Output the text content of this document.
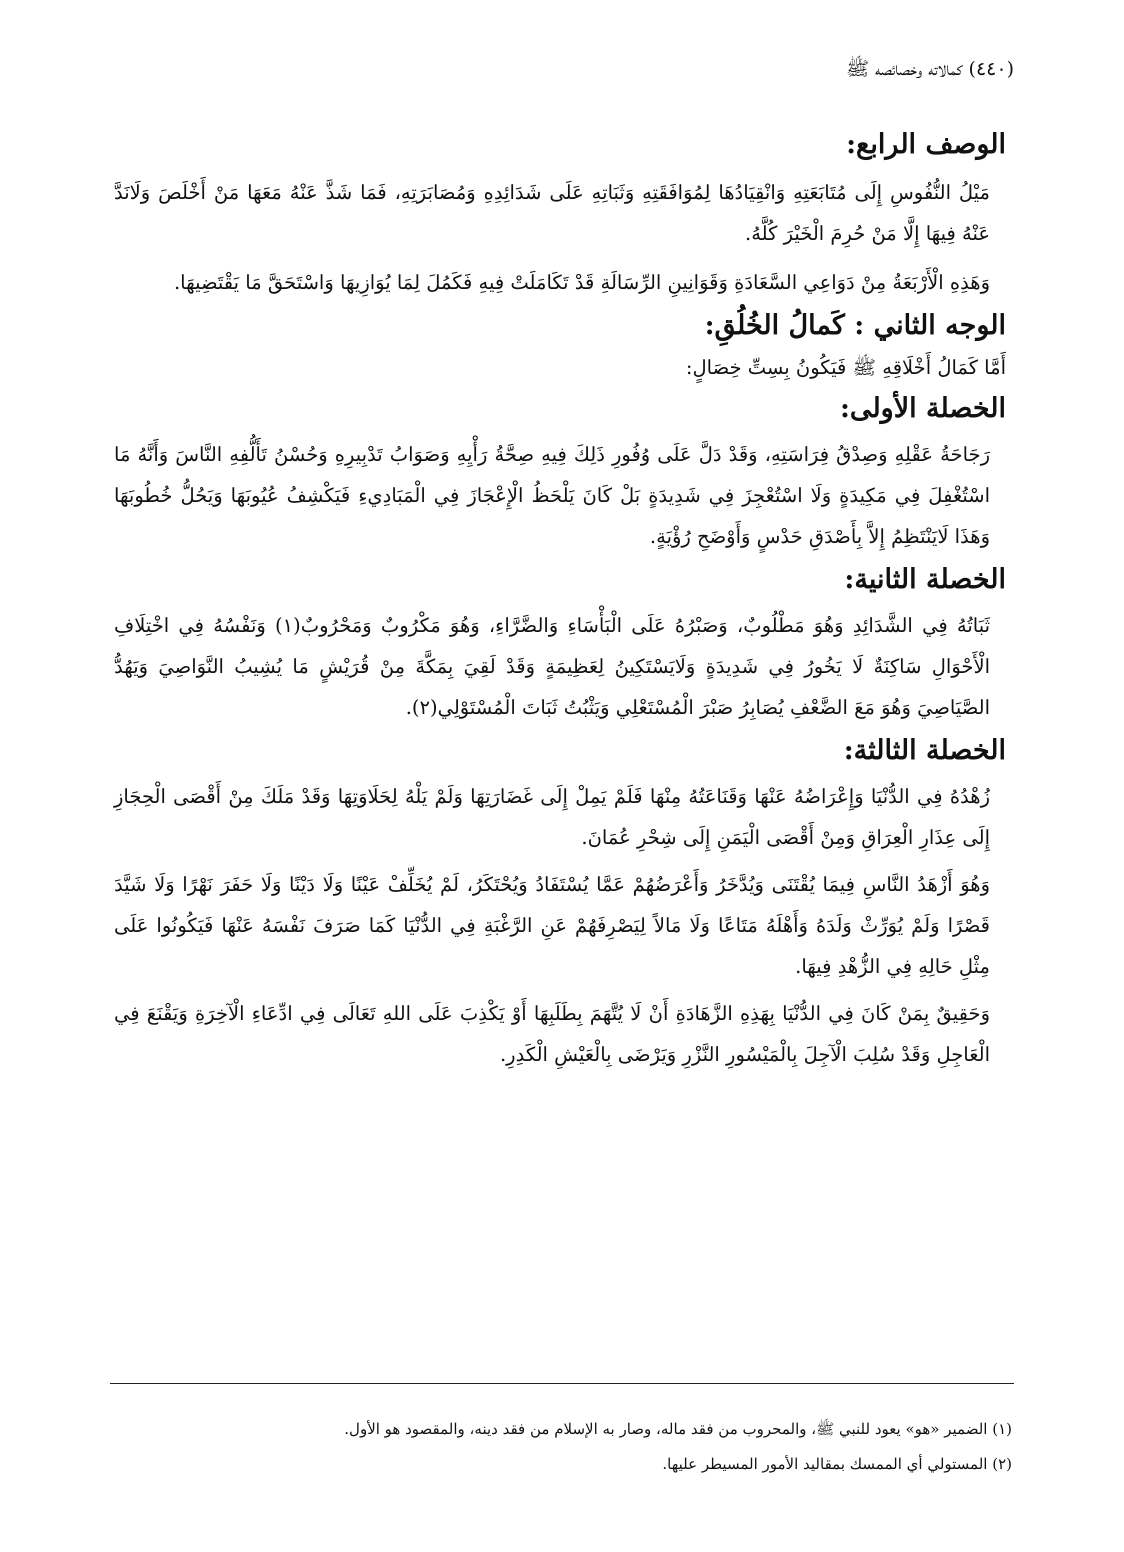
(٤٤٠) كمالاته وخصائصه ﷺ
الوصف الرابع:

مَيْلُ النُّفُوسِ إِلَى مُتَابَعَتِهِ وَانْقِيَادُهَا لِمُوَافَقَتِهِ وَثَبَاتِهِ عَلَى شَدَائِدِهِ وَمُصَابَرَتِهِ، فَمَا شَذَّ عَنْهُ مَعَهَا مَنْ أَخْلَصَ وَلَانَدَّ عَنْهُ فِيهَا إِلَّا مَنْ حُرِمَ الْخَيْرَ كُلَّهُ.

وَهَذِهِ الْأَرْبَعَةُ مِنْ دَوَاعِي السَّعَادَةِ وَقَوَانِينِ الرِّسَالَةِ قَدْ تَكَامَلَتْ فِيهِ فَكَمُلَ لِمَا يُوَازِيهَا وَاسْتَحَقَّ مَا يَقْتَضِيهَا.

الوجه الثاني : كَمالُ الخُلُقِ:

أَمَّا كَمَالُ أَخْلَاقِهِ ﷺ فَيَكُونُ بِسِتِّ خِصَالٍ:

الخصلة الأولى:

رَجَاحَةُ عَقْلِهِ وَصِدْقُ فِرَاسَتِهِ، وَقَدْ دَلَّ عَلَى وُفُورِ ذَلِكَ فِيهِ صِحَّةُ رَأْيِهِ وَصَوَابُ تَدْبِيرِهِ وَحُسْنُ تَأَلُّفِهِ النَّاسَ وَأَنَّهُ مَا اسْتُغْفِلَ فِي مَكِيدَةٍ وَلَا اسْتُعْجِزَ فِي شَدِيدَةٍ بَلْ كَانَ يَلْحَظُ الْإِعْجَازَ فِي الْمَبَادِيءِ فَيَكْشِفُ عُيُوبَهَا وَيَحُلُّ خُطُوبَهَا وَهَذَا لَايَنْتَظِمُ إِلاَّ بِأَصْدَقِ حَدْسٍ وَأَوْضَحِ رُؤْيَةٍ.

الخصلة الثانية:

ثَبَاتُهُ فِي الشَّدَائِدِ وَهُوَ مَطْلُوبٌ، وَصَبْرُهُ عَلَى الْبَأْسَاءِ وَالضَّرَّاءِ، وَهُوَ مَكْرُوبٌ وَمَحْرُوبٌ(١) وَنَفْسُهُ فِي اخْتِلَافِ الْأَحْوَالِ سَاكِنَةٌ لَا يَخُورُ فِي شَدِيدَةٍ وَلَايَسْتَكِينُ لِعَظِيمَةٍ وَقَدْ لَقِيَ بِمَكَّةَ مِنْ قُرَيْشٍ مَا يُشِيبُ النَّوَاصِيَ وَيَهُدُّ الصَّيَاصِيَ وَهُوَ مَعَ الضَّعْفِ يُصَابِرُ صَبْرَ الْمُسْتَعْلِي وَيَثْبُتُ ثَبَاتَ الْمُسْتَوْلِي(٢).

الخصلة الثالثة:

زُهْدُهُ فِي الدُّنْيَا وَإِعْرَاضُهُ عَنْهَا وَقَنَاعَتُهُ مِنْهَا فَلَمْ يَمِلْ إِلَى غَضَارَتِهَا وَلَمْ يَلْهُ لِحَلَاوَتِهَا وَقَدْ مَلَكَ مِنْ أَقْصَى الْحِجَازِ إِلَى عِذَارِ الْعِرَاقِ وَمِنْ أَقْصَى الْيَمَنِ إِلَى شِحْرِ عُمَانَ.

وَهُوَ أَزْهَدُ النَّاسِ فِيمَا يُقْتَنَى وَيُدَّخَرُ وَأَعْرَضُهُمْ عَمَّا يُسْتَفَادُ وَيُحْتَكَرُ، لَمْ يُخَلِّفْ عَيْنًا وَلَا دَيْنًا وَلَا حَفَرَ نَهْرًا وَلَا شَيَّدَ قَصْرًا وَلَمْ يُوَرِّثْ وَلَدَهُ وَأَهْلَهُ مَتَاعًا وَلَا مَالاً لِيَصْرِفَهُمْ عَنِ الرَّغْبَةِ فِي الدُّنْيَا كَمَا صَرَفَ نَفْسَهُ عَنْهَا فَيَكُونُوا عَلَى مِثْلِ حَالِهِ فِي الزُّهْدِ فِيهَا.

وَحَقِيقٌ بِمَنْ كَانَ فِي الدُّنْيَا بِهَذِهِ الزَّهَادَةِ أَنْ لَا يُتَّهَمَ بِطَلَبِهَا أَوْ يَكْذِبَ عَلَى اللهِ تَعَالَى فِي ادِّعَاءِ الْآخِرَةِ وَيَقْنَعَ فِي الْعَاجِلِ وَقَدْ سُلِبَ الْآجِلَ بِالْمَيْسُورِ النَّزْرِ وَيَرْضَى بِالْعَيْشِ الْكَدِرِ.

(١) الضمير «هو» يعود للنبي ﷺ، والمحروب من فقد ماله، وصار به الإسلام من فقد دينه، والمقصود هو الأول.

(٢) المستولي أي الممسك بمقاليد الأمور المسيطر عليها.
